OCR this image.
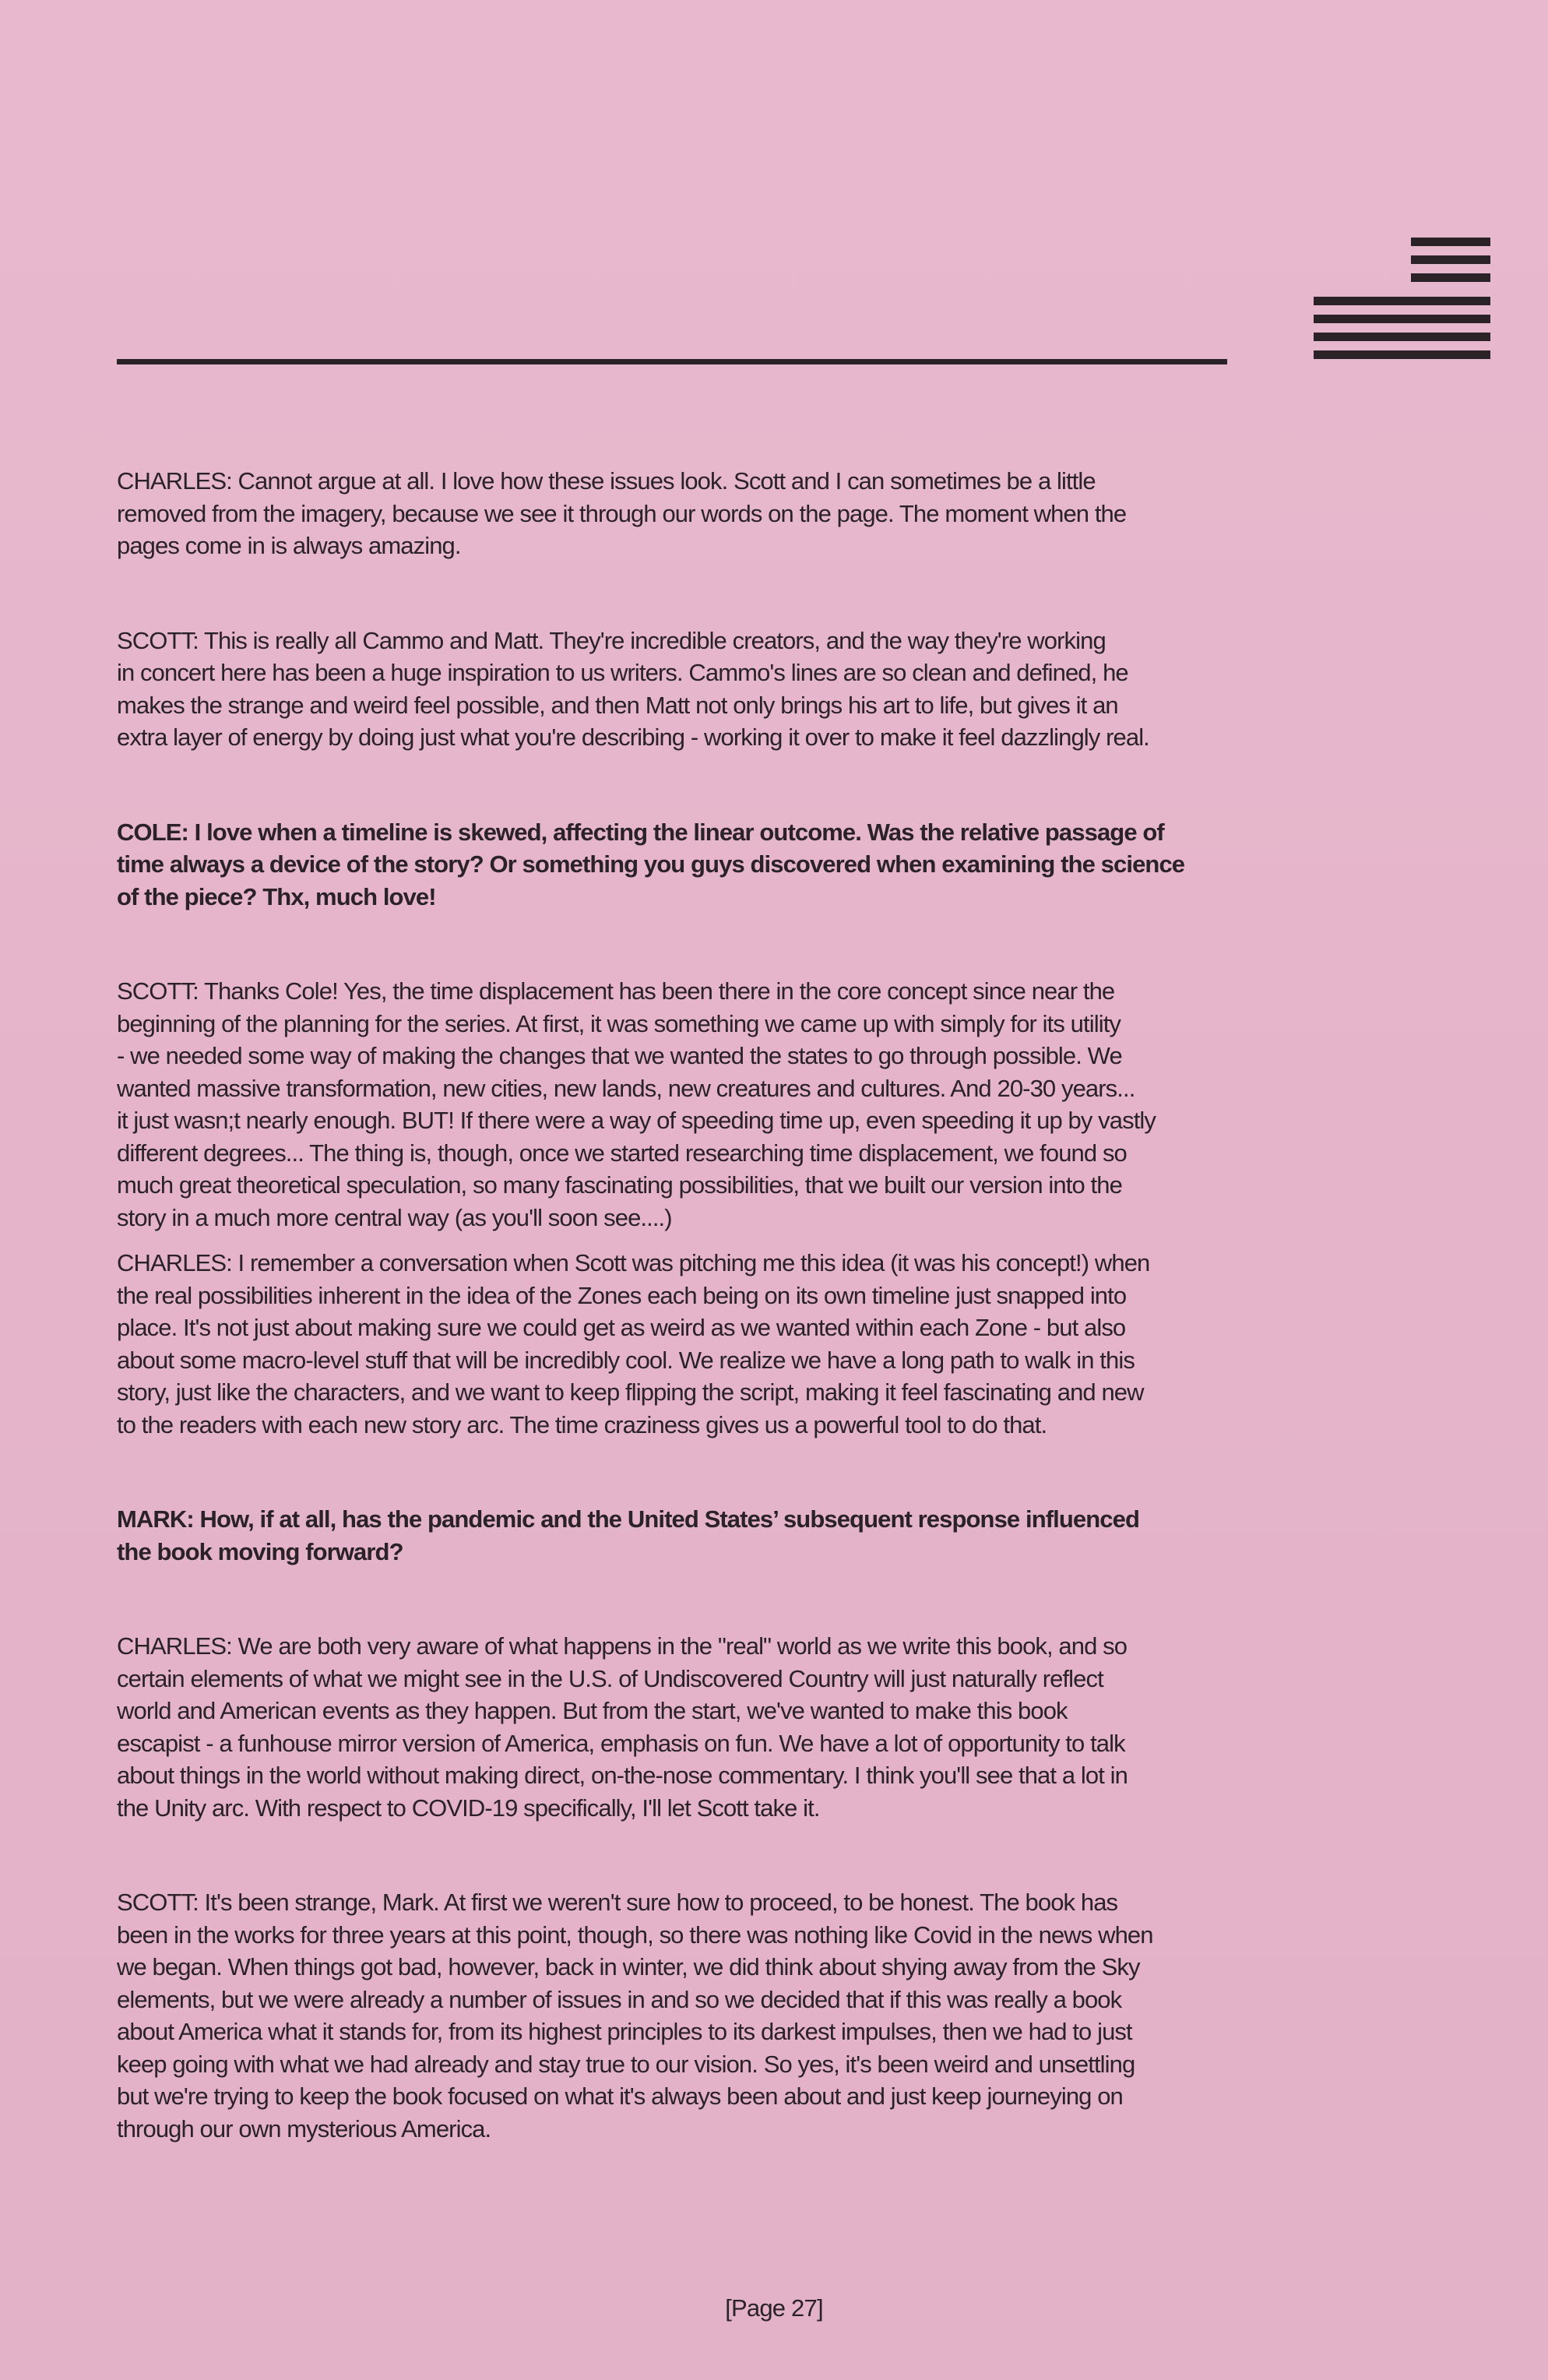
CHARLES: Cannot argue at all. I love how these issues look. Scott and I can sometimes be a little
removed from the imagery, because we see it through our words on the page. The moment when the
pages come in is always amazing.

SCOTT: This is really all Cammo and Matt. They're incredible creators, and the way they're working
in concert here has been a huge inspiration to us writers. Cammo's lines are so clean and defined, he
makes the strange and weird feel possible, and then Matt not only brings his art to life, but gives it an
extra layer of energy by doing just what you're describing - working it over to make it feel dazzlingly real.

COLE: I love when a timeline is skewed, affecting the linear outcome. Was the relative passage of
time always a device of the story? Or something you guys discovered when examining the science
of the piece? Thx, much love!

SCOTT: Thanks Cole! Yes, the time displacement has been there in the core concept since near the
beginning of the planning for the series. At first, it was something we came up with simply for its utility
- we needed some way of making the changes that we wanted the states to go through possible. We
wanted massive transformation, new cities, new lands, new creatures and cultures. And 20-30 years...
it just wasn;t nearly enough. BUT! If there were a way of speeding time up, even speeding it up by vastly
different degrees... The thing is, though, once we started researching time displacement, we found so
much great theoretical speculation, so many fascinating possibilities, that we built our version into the
story in a much more central way (as you'll soon see....)

CHARLES: I remember a conversation when Scott was pitching me this idea (it was his concept!) when
the real possibilities inherent in the idea of the Zones each being on its own timeline just snapped into
place. It's not just about making sure we could get as weird as we wanted within each Zone - but also
about some macro-level stuff that will be incredibly cool. We realize we have a long path to walk in this
story, just like the characters, and we want to keep flipping the script, making it feel fascinating and new
to the readers with each new story arc. The time craziness gives us a powerful tool to do that.

MARK: How, if at all, has the pandemic and the United States’ subsequent response influenced
the book moving forward?

CHARLES: We are both very aware of what happens in the "real" world as we write this book, and so
certain elements of what we might see in the U.S. of Undiscovered Country will just naturally reflect
world and American events as they happen. But from the start, we've wanted to make this book
escapist - a funhouse mirror version of America, emphasis on fun. We have a lot of opportunity to talk
about things in the world without making direct, on-the-nose commentary. I think you'll see that a lot in
the Unity arc. With respect to COVID-19 specifically, I'll let Scott take it.

SCOTT: It's been strange, Mark. At first we weren't sure how to proceed, to be honest. The book has
been in the works for three years at this point, though, so there was nothing like Covid in the news when
we began. When things got bad, however, back in winter, we did think about shying away from the Sky
elements, but we were already a number of issues in and so we decided that if this was really a book
about America what it stands for, from its highest principles to its darkest impulses, then we had to just
keep going with what we had already and stay true to our vision. So yes, it's been weird and unsettling
but we're trying to keep the book focused on what it's always been about and just keep journeying on
through our own mysterious America.

[Page 27]
